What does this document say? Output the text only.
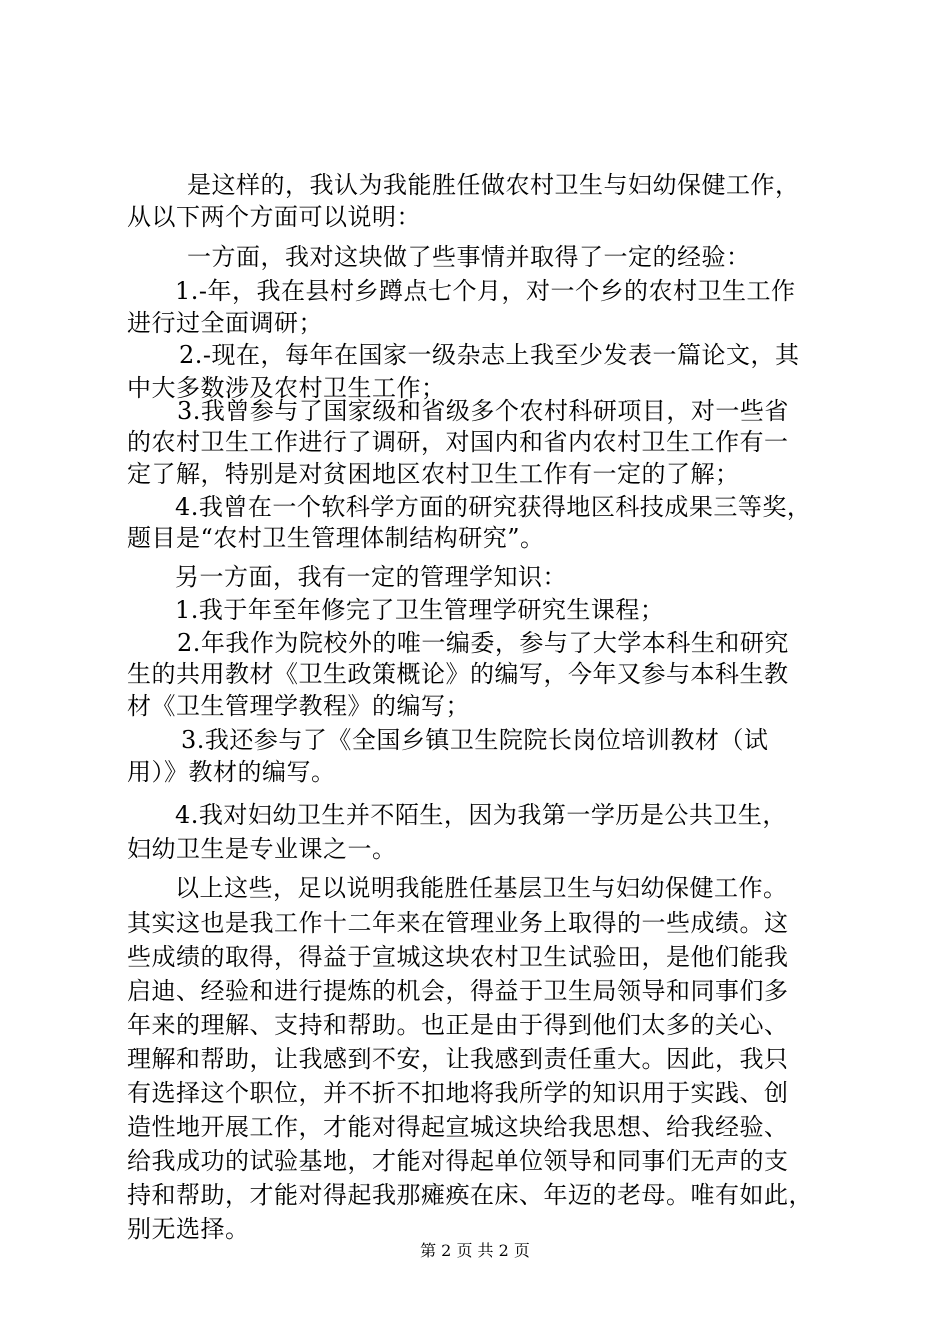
是这样的，我认为我能胜任做农村卫生与妇幼保健工作，
从以下两个方面可以说明：
一方面，我对这块做了些事情并取得了一定的经验：
1.-年，我在县村乡蹲点七个月，对一个乡的农村卫生工作
进行过全面调研；
2.-现在，每年在国家一级杂志上我至少发表一篇论文，其
中大多数涉及农村卫生工作；
3.我曾参与了国家级和省级多个农村科研项目，对一些省
的农村卫生工作进行了调研，对国内和省内农村卫生工作有一
定了解，特别是对贫困地区农村卫生工作有一定的了解；
4.我曾在一个软科学方面的研究获得地区科技成果三等奖，
题目是“农村卫生管理体制结构研究”。
另一方面，我有一定的管理学知识：
1.我于年至年修完了卫生管理学研究生课程；
2.年我作为院校外的唯一编委，参与了大学本科生和研究
生的共用教材《卫生政策概论》的编写，今年又参与本科生教
材《卫生管理学教程》的编写；
3.我还参与了《全国乡镇卫生院院长岗位培训教材（试
用）》教材的编写。
4.我对妇幼卫生并不陌生，因为我第一学历是公共卫生，
妇幼卫生是专业课之一。
以上这些，足以说明我能胜任基层卫生与妇幼保健工作。
其实这也是我工作十二年来在管理业务上取得的一些成绩。这
些成绩的取得，得益于宣城这块农村卫生试验田，是他们能我
启迪、经验和进行提炼的机会，得益于卫生局领导和同事们多
年来的理解、支持和帮助。也正是由于得到他们太多的关心、
理解和帮助，让我感到不安，让我感到责任重大。因此，我只
有选择这个职位，并不折不扣地将我所学的知识用于实践、创
造性地开展工作，才能对得起宣城这块给我思想、给我经验、
给我成功的试验基地，才能对得起单位领导和同事们无声的支
持和帮助，才能对得起我那瘫痪在床、年迈的老母。唯有如此，
别无选择。
第 2 页 共 2 页
